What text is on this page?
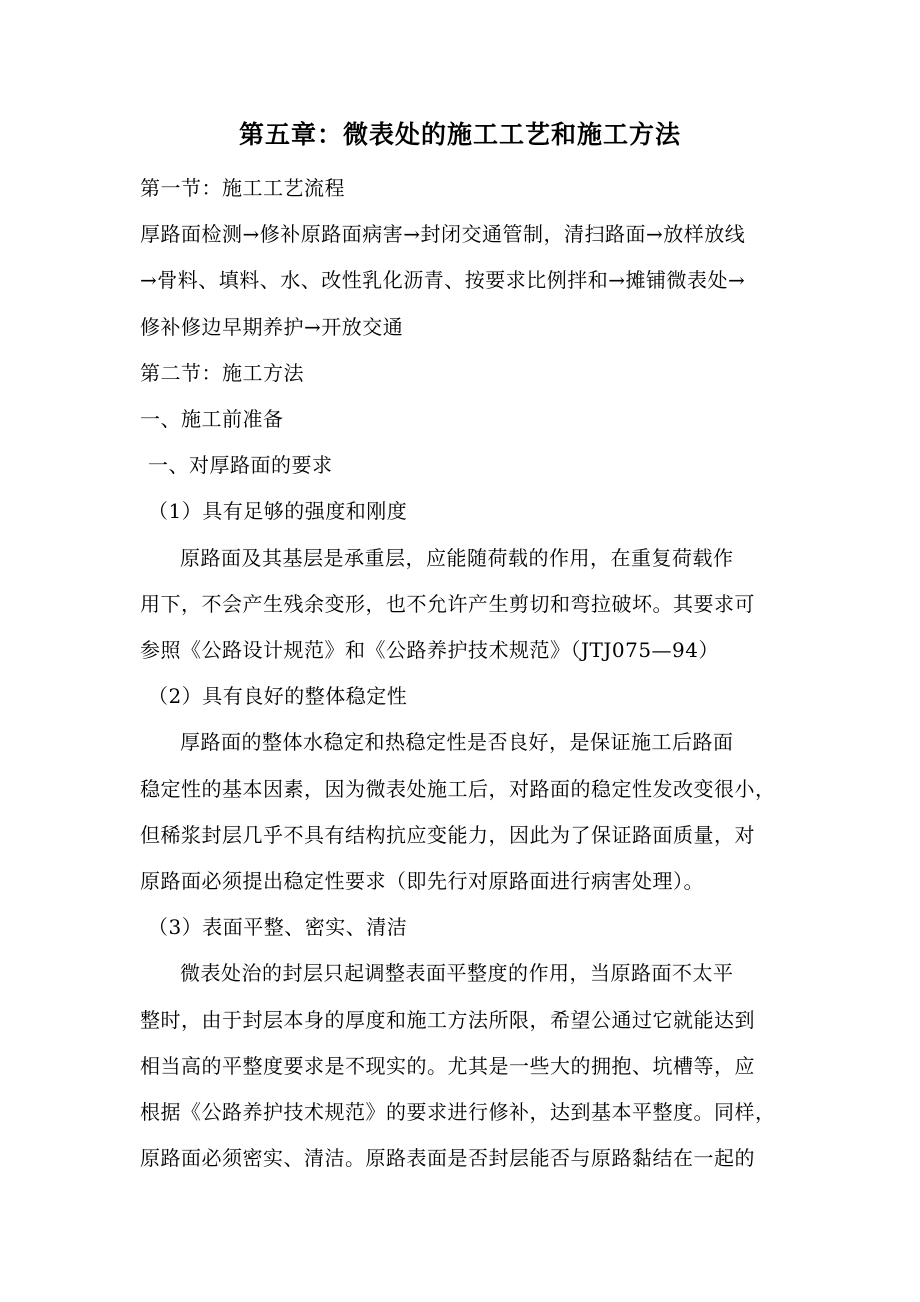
第五章：微表处的施工工艺和施工方法
第一节：施工工艺流程
厚路面检测→修补原路面病害→封闭交通管制，清扫路面→放样放线
→骨料、填料、水、改性乳化沥青、按要求比例拌和→摊铺微表处→
修补修边早期养护→开放交通
第二节：施工方法
一、施工前准备
一、对厚路面的要求
（1）具有足够的强度和刚度
原路面及其基层是承重层，应能随荷载的作用，在重复荷载作
用下，不会产生残余变形，也不允许产生剪切和弯拉破坏。其要求可
参照《公路设计规范》和《公路养护技术规范》（JTJ075—94）
（2）具有良好的整体稳定性
厚路面的整体水稳定和热稳定性是否良好，是保证施工后路面
稳定性的基本因素，因为微表处施工后，对路面的稳定性发改变很小，
但稀浆封层几乎不具有结构抗应变能力，因此为了保证路面质量，对
原路面必须提出稳定性要求（即先行对原路面进行病害处理）。
（3）表面平整、密实、清洁
微表处治的封层只起调整表面平整度的作用，当原路面不太平
整时，由于封层本身的厚度和施工方法所限，希望公通过它就能达到
相当高的平整度要求是不现实的。尤其是一些大的拥抱、坑槽等，应
根据《公路养护技术规范》的要求进行修补，达到基本平整度。同样，
原路面必须密实、清洁。原路表面是否封层能否与原路黏结在一起的
